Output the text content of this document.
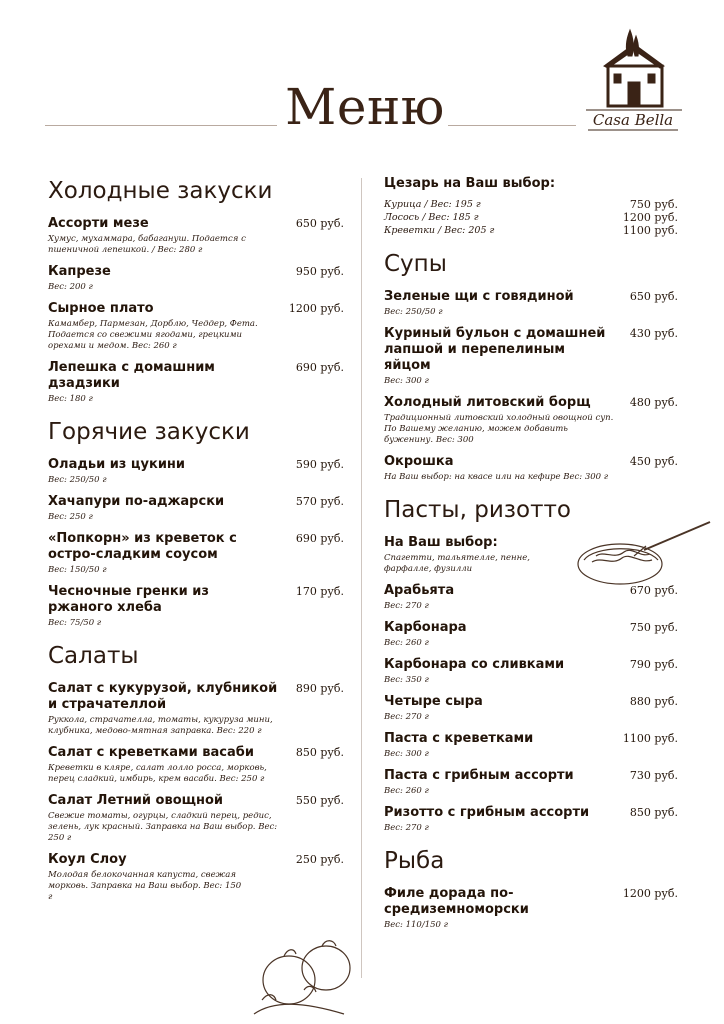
Меню	Casa Bella
Холодные закуски
Ассорти мезе	650 руб.
Хумус, мухаммара, бабагануш. Подается с пшеничной лепешкой. / Вес: 280 г
Капрезе	950 руб.
Вес: 200 г
Сырное плато	1200 руб.
Камамбер, Пармезан, Дорблю, Чеддер, Фета. Подается со свежими ягодами, грецкими орехами и медом. Вес: 260 г
Лепешка с домашним дзадзики
690 руб.
Вес: 180 г
Горячие закуски
Оладьи из цукини	590 руб.
Вес: 250/50 г
Хачапури по-аджарски	570 руб.
Вес: 250 г
«Попкорн» из креветок с остро-сладким соусом
690 руб.
Вес: 150/50 г
Чесночные гренки из ржаного хлеба
170 руб.
Вес: 75/50 г
Салаты
Салат с кукурузой, клубникой и страчателлой
890 руб.
Руккола, страчателла, томаты, кукуруза мини, клубника, медово-мятная заправка. Вес: 220 г
Салат с креветками васаби	850 руб.
Креветки в кляре, салат лолло росса, морковь, перец сладкий, имбирь, крем васаби. Вес: 250 г
Салат Летний овощной	550 руб.
Свежие томаты, огурцы, сладкий перец, редис, зелень, лук красный. Заправка на Ваш выбор. Вес: 250 г
Коул Слоу	250 руб.
Молодая белокочанная капуста, свежая морковь. Заправка на Ваш выбор. Вес: 150 г
Цезарь на Ваш выбор:
Курица / Вес: 195 г	750 руб.
Лосось / Вес: 185 г	1200 руб.
Креветки / Вес: 205 г	1100 руб.
Супы
Зеленые щи с говядиной	650 руб.
Вес: 250/50 г
Куриный бульон с домашней лапшой и перепелиным яйцом
430 руб.
Вес: 300 г
Холодный литовский борщ	480 руб.
Традиционный литовский холодный овощной суп. По Вашему желанию, можем добавить буженину. Вес: 300
Окрошка	450 руб.
На Ваш выбор: на квасе или на кефире Вес: 300 г
Пасты, ризотто
На Ваш выбор:
Спагетти, тальятелле, пенне, фарфалле, фузилли
Арабьята	670 руб.
Вес: 270 г
Карбонара	750 руб.
Вес: 260 г
Карбонара со сливками	790 руб.
Вес: 350 г
Четыре сыра	880 руб.
Вес: 270 г
Паста с креветками	1100 руб.
Вес: 300 г
Паста с грибным ассорти	730 руб.
Вес: 260 г
Ризотто с грибным ассорти	850 руб.
Вес: 270 г
Рыба
Филе дорада по-средиземноморски
1200 руб.
Вес: 110/150 г
